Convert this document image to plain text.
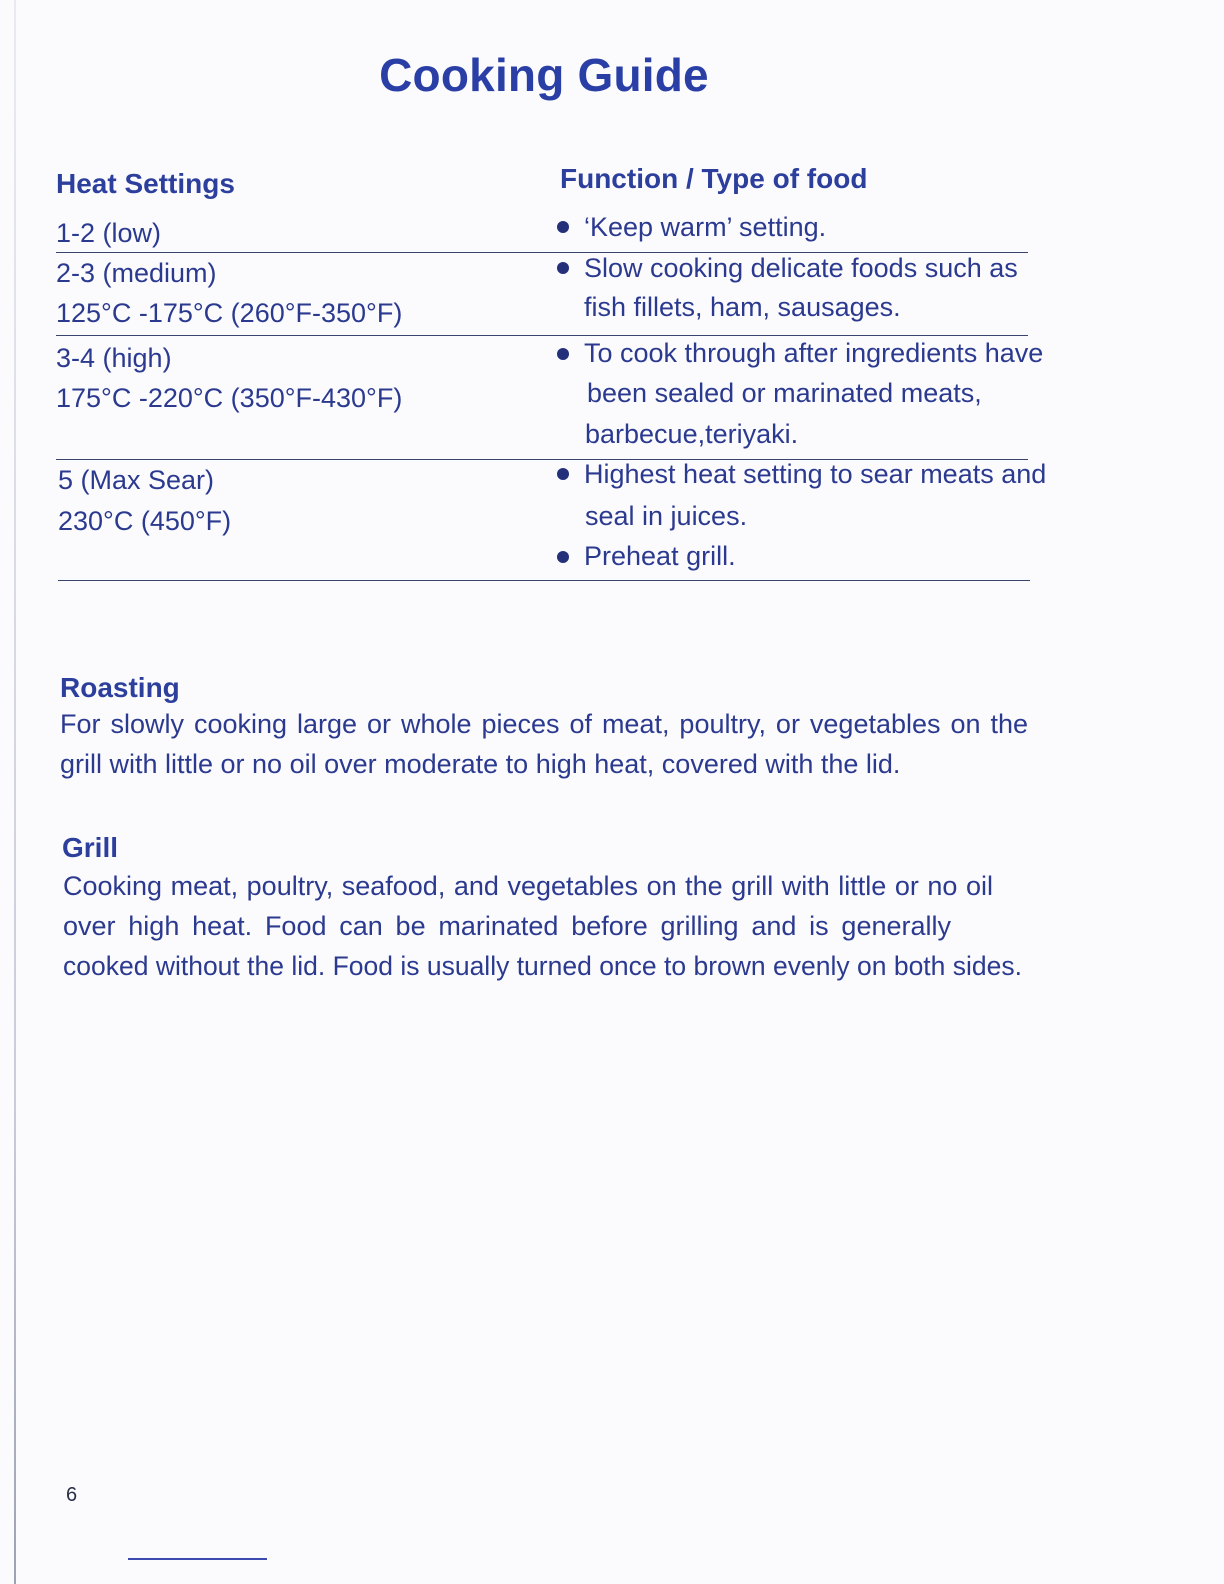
Cooking Guide
Heat Settings	Function / Type of food
1-2 (low)	‘Keep warm’ setting.
2-3 (medium)
125°C -175°C (260°F-350°F)
Slow cooking delicate foods such as
fish fillets, ham, sausages.
3-4 (high)
175°C -220°C (350°F-430°F)
To cook through after ingredients have
been sealed or marinated meats,
barbecue,teriyaki.
5 (Max Sear)
230°C (450°F)
Highest heat setting to sear meats and
seal in juices.
Preheat grill.
Roasting
For slowly cooking large or whole pieces of meat, poultry, or vegetables on the
grill with little or no oil over moderate to high heat, covered with the lid.
Grill
Cooking meat, poultry, seafood, and vegetables on the grill with little or no oil

over high heat. Food can be marinated before grilling and is generally

cooked without the lid. Food is usually turned once to brown evenly on both sides.
6
